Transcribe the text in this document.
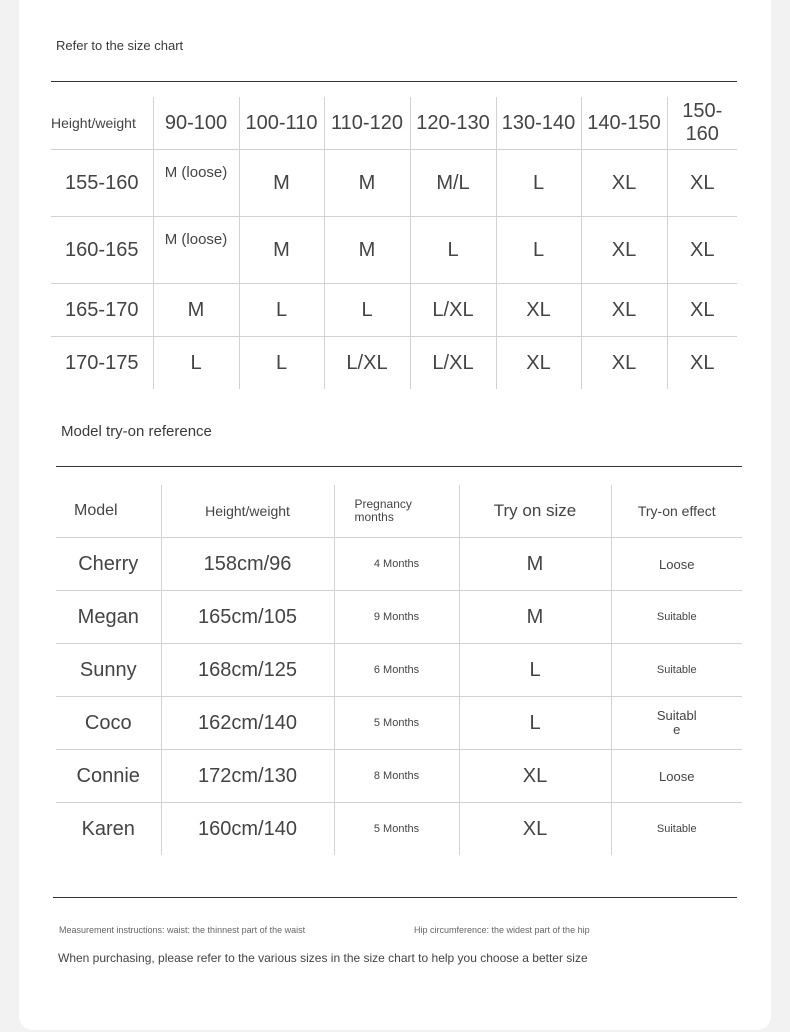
Refer to the size chart
Height/weight	90-100	100-110	110-120	120-130	130-140	140-150	150-160
155-160	M (loose)	M	M	M/L	L	XL	XL
160-165	M (loose)	M	M	L	L	XL	XL
165-170	M	L	L	L/XL	XL	XL	XL
170-175	L	L	L/XL	L/XL	XL	XL	XL
Model try-on reference
Model	Height/weight	Pregnancy months	Try on size	Try-on effect
Cherry	158cm/96	4 Months	M	Loose
Megan	165cm/105	9 Months	M	Suitable
Sunny	168cm/125	6 Months	L	Suitable
Coco	162cm/140	5 Months	L	Suitabl e
Connie	172cm/130	8 Months	XL	Loose
Karen	160cm/140	5 Months	XL	Suitable
Measurement instructions: waist: the thinnest part of the waist	Hip circumference: the widest part of the hip
When purchasing, please refer to the various sizes in the size chart to help you choose a better size
